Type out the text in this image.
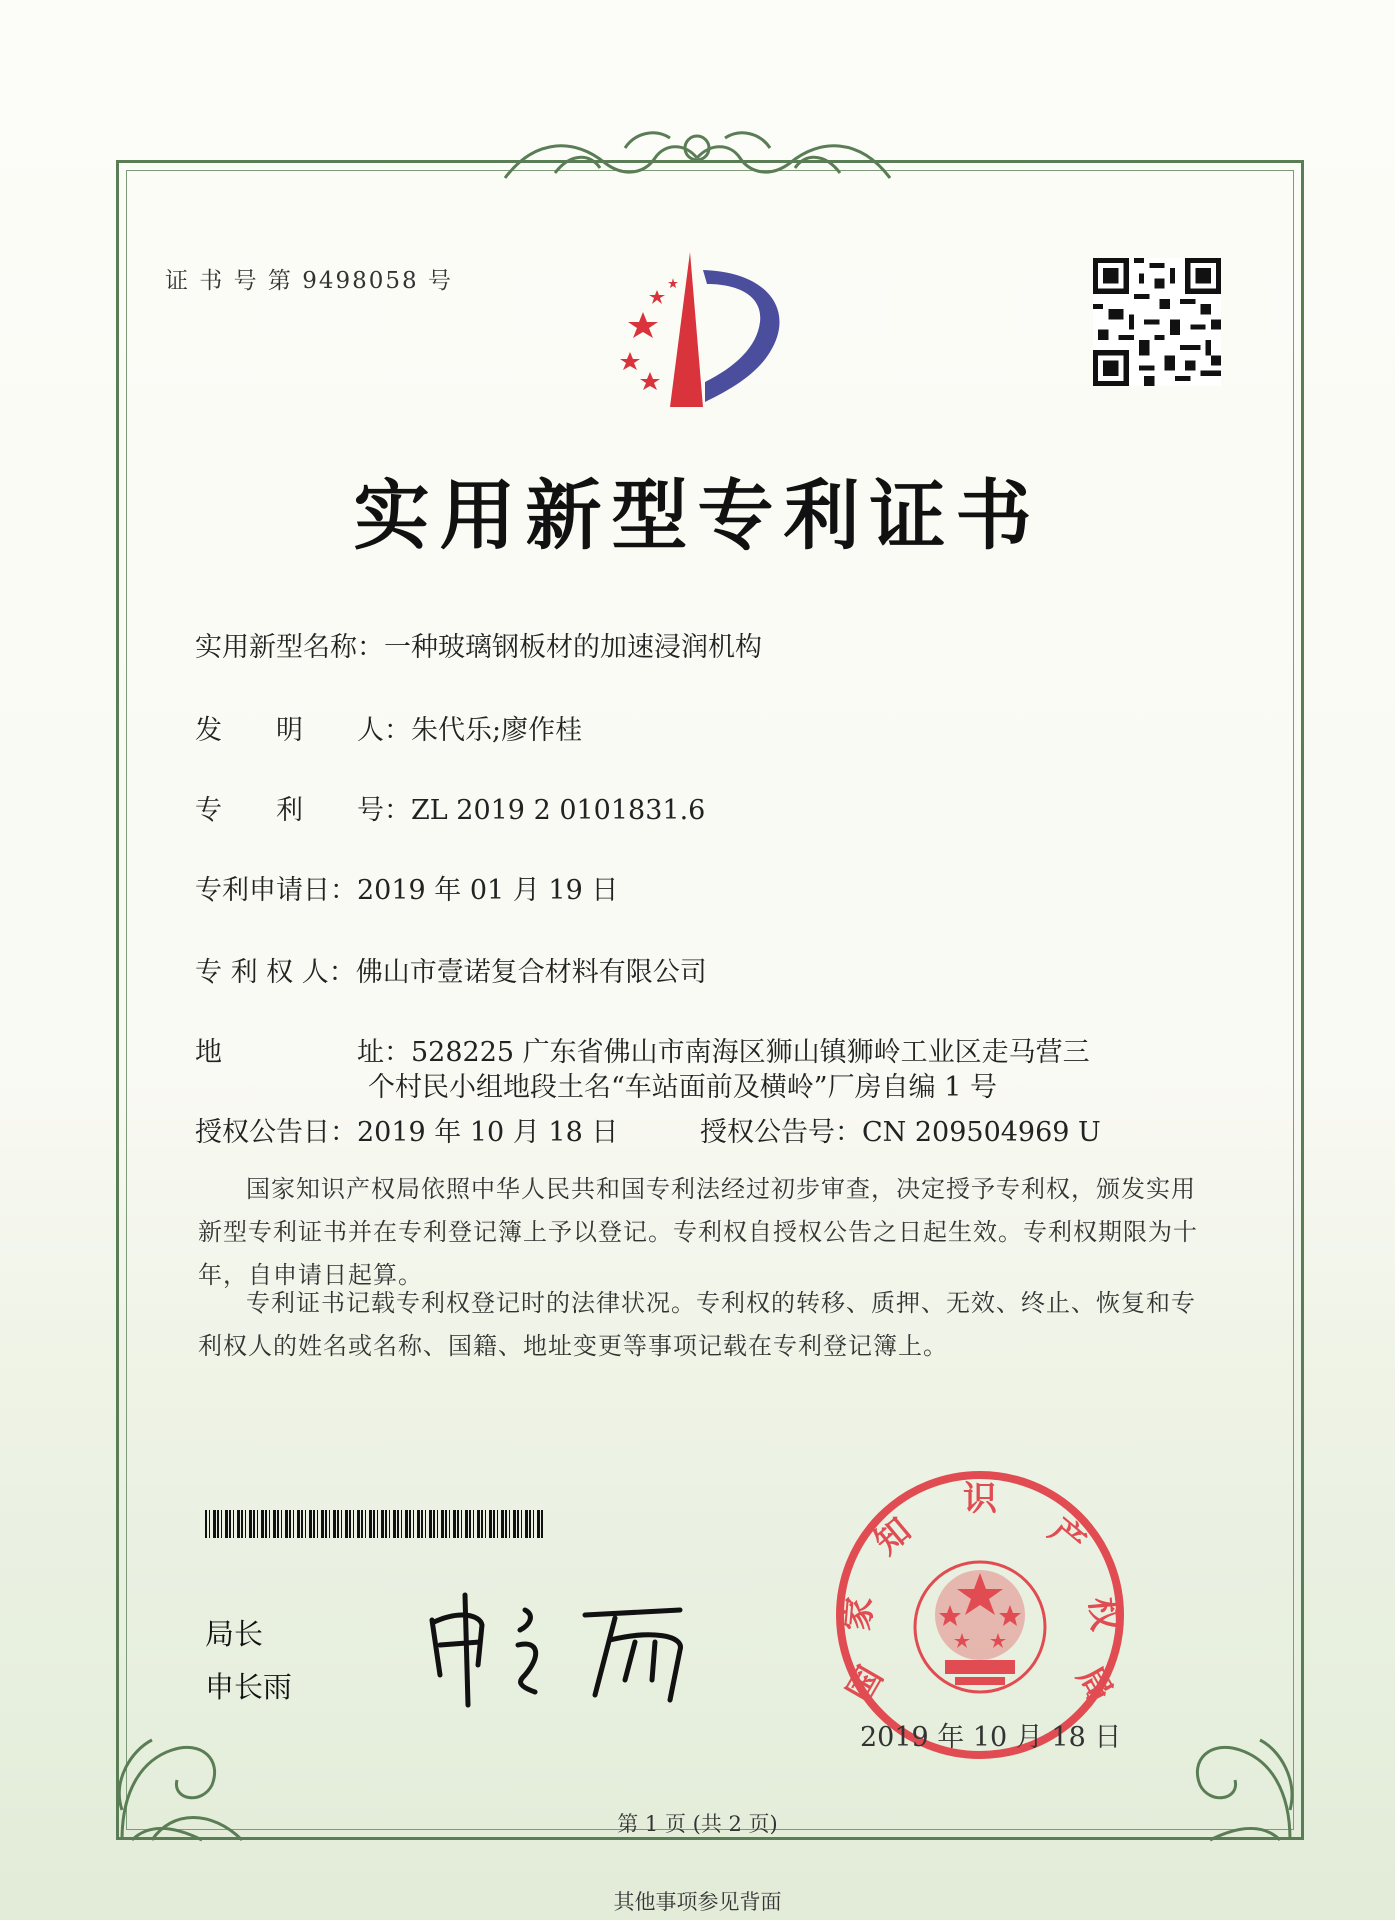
证 书 号 第 9498058 号
实用新型专利证书
实用新型名称：一种玻璃钢板材的加速浸润机构
发　　明　　人：朱代乐;廖作桂
专　　利　　号：ZL 2019 2 0101831.6
专利申请日：2019 年 01 月 19 日
专 利 权 人：佛山市壹诺复合材料有限公司
地　　　　　址：528225 广东省佛山市南海区狮山镇狮岭工业区走马营三
个村民小组地段土名“车站面前及横岭”厂房自编 1 号
授权公告日：2019 年 10 月 18 日	授权公告号：CN 209504969 U
国家知识产权局依照中华人民共和国专利法经过初步审查，决定授予专利权，颁发实用新型专利证书并在专利登记簿上予以登记。专利权自授权公告之日起生效。专利权期限为十年，自申请日起算。
专利证书记载专利权登记时的法律状况。专利权的转移、质押、无效、终止、恢复和专利权人的姓名或名称、国籍、地址变更等事项记载在专利登记簿上。
局长
申长雨	国
家
知
识
产
权
局
2019 年 10 月 18 日
第 1 页 (共 2 页)
其他事项参见背面
